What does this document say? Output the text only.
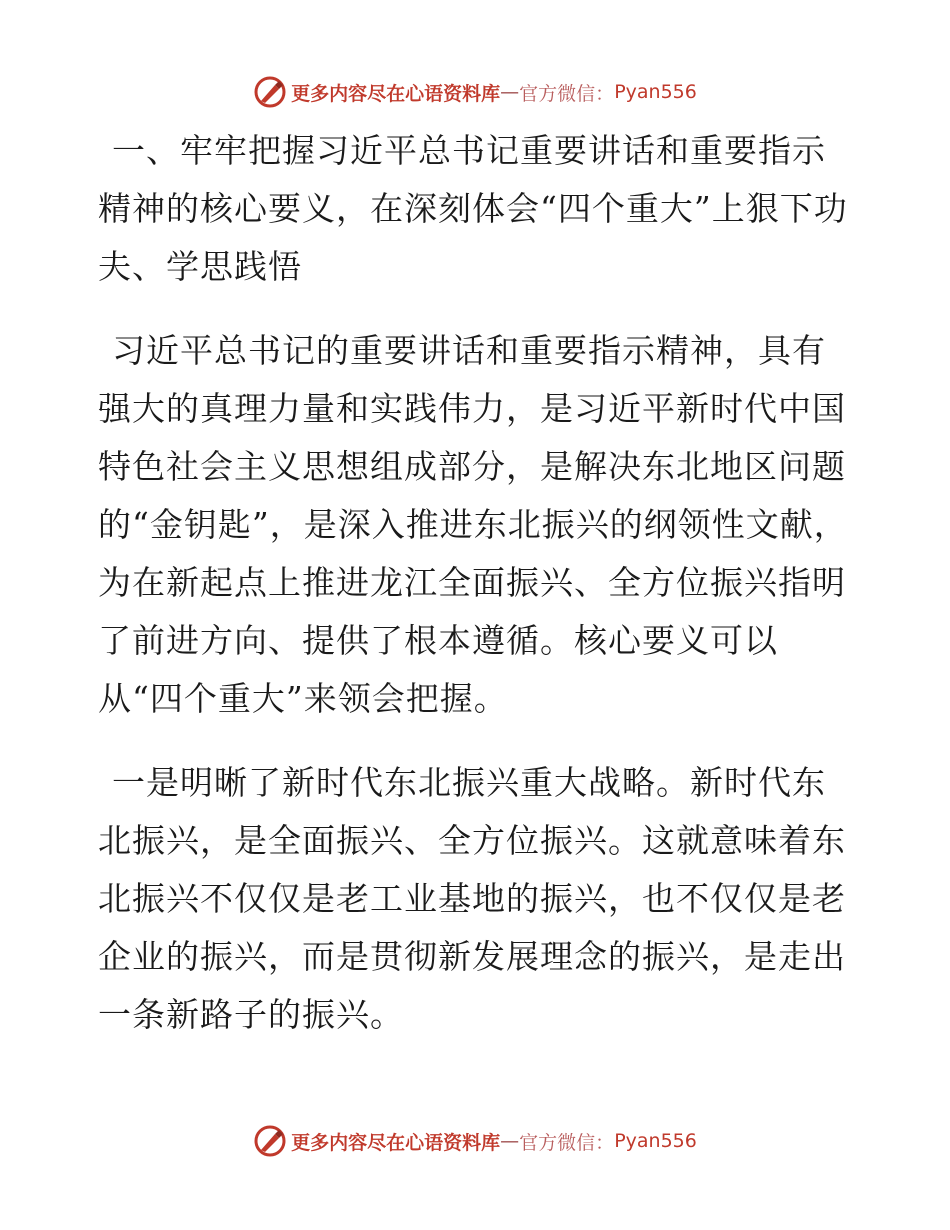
更多内容尽在心语资料库 — 官方微信： Pyan556

一、牢牢把握习近平总书记重要讲话和重要指示精神的核心要义，在深刻体会“四个重大”上狠下功夫、学思践悟

习近平总书记的重要讲话和重要指示精神，具有强大的真理力量和实践伟力，是习近平新时代中国特色社会主义思想组成部分，是解决东北地区问题的“金钥匙”，是深入推进东北振兴的纲领性文献，为在新起点上推进龙江全面振兴、全方位振兴指明了前进方向、提供了根本遵循。核心要义可以从“四个重大”来领会把握。

一是明晰了新时代东北振兴重大战略。新时代东北振兴，是全面振兴、全方位振兴。这就意味着东北振兴不仅仅是老工业基地的振兴，也不仅仅是老企业的振兴，而是贯彻新发展理念的振兴，是走出一条新路子的振兴。

更多内容尽在心语资料库 — 官方微信： Pyan556
